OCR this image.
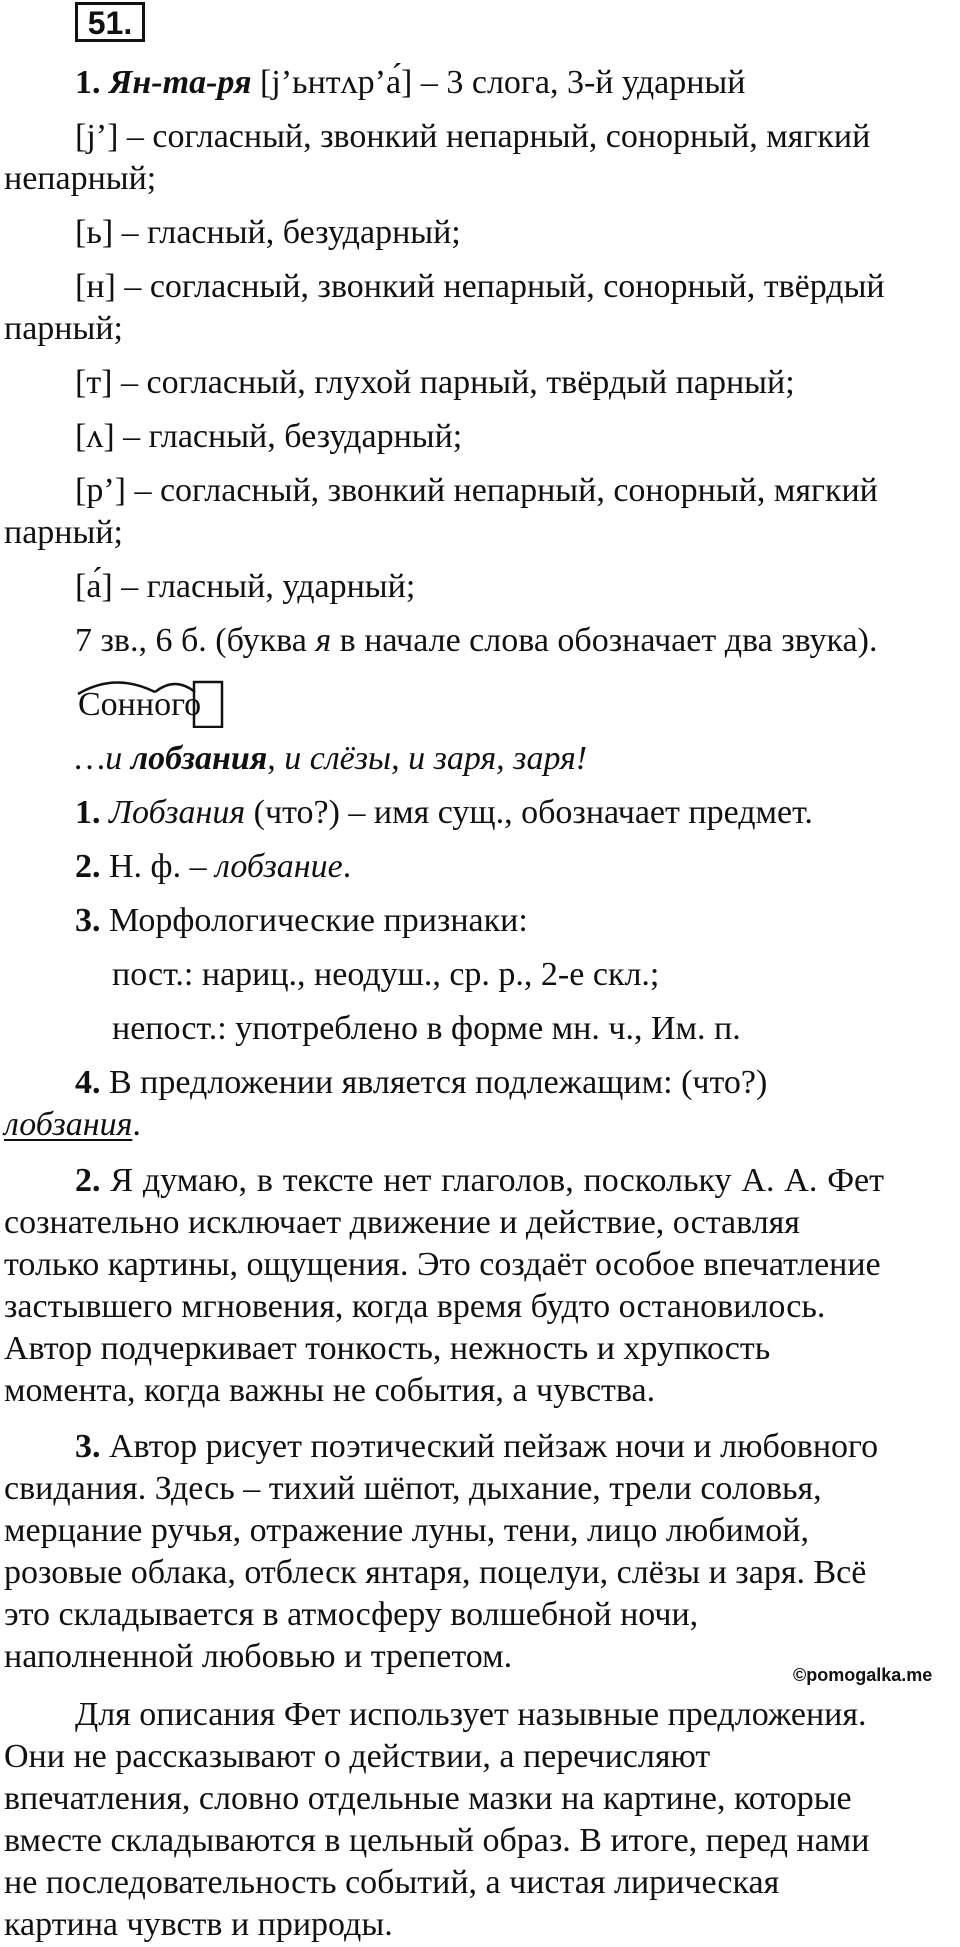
51.
1. Ян-та-ря [j’ьнтʌр’а́] – 3 слога, 3-й ударный
[j’] – согласный, звонкий непарный, сонорный, мягкий
непарный;
[ь] – гласный, безударный;
[н] – согласный, звонкий непарный, сонорный, твёрдый
парный;
[т] – согласный, глухой парный, твёрдый парный;
[ʌ] – гласный, безударный;
[р’] – согласный, звонкий непарный, сонорный, мягкий
парный;
[а́] – гласный, ударный;
7 зв., 6 б. (буква я в начале слова обозначает два звука).
Сонного
…и лобзания, и слёзы, и заря, заря!
1. Лобзания (что?) – имя сущ., обозначает предмет.
2. Н. ф. – лобзание.
3. Морфологические признаки:
пост.: нариц., неодуш., ср. р., 2-е скл.;
непост.: употреблено в форме мн. ч., Им. п.
4. В предложении является подлежащим: (что?)
лобзания.
2. Я думаю, в тексте нет глаголов, поскольку А. А. Фет
сознательно исключает движение и действие, оставляя
только картины, ощущения. Это создаёт особое впечатление
застывшего мгновения, когда время будто остановилось.
Автор подчеркивает тонкость, нежность и хрупкость
момента, когда важны не события, а чувства.
3. Автор рисует поэтический пейзаж ночи и любовного
свидания. Здесь – тихий шёпот, дыхание, трели соловья,
мерцание ручья, отражение луны, тени, лицо любимой,
розовые облака, отблеск янтаря, поцелуи, слёзы и заря. Всё
это складывается в атмосферу волшебной ночи,
наполненной любовью и трепетом.	©pomogalka.me
Для описания Фет использует назывные предложения.
Они не рассказывают о действии, а перечисляют
впечатления, словно отдельные мазки на картине, которые
вместе складываются в цельный образ. В итоге, перед нами
не последовательность событий, а чистая лирическая
картина чувств и природы.
